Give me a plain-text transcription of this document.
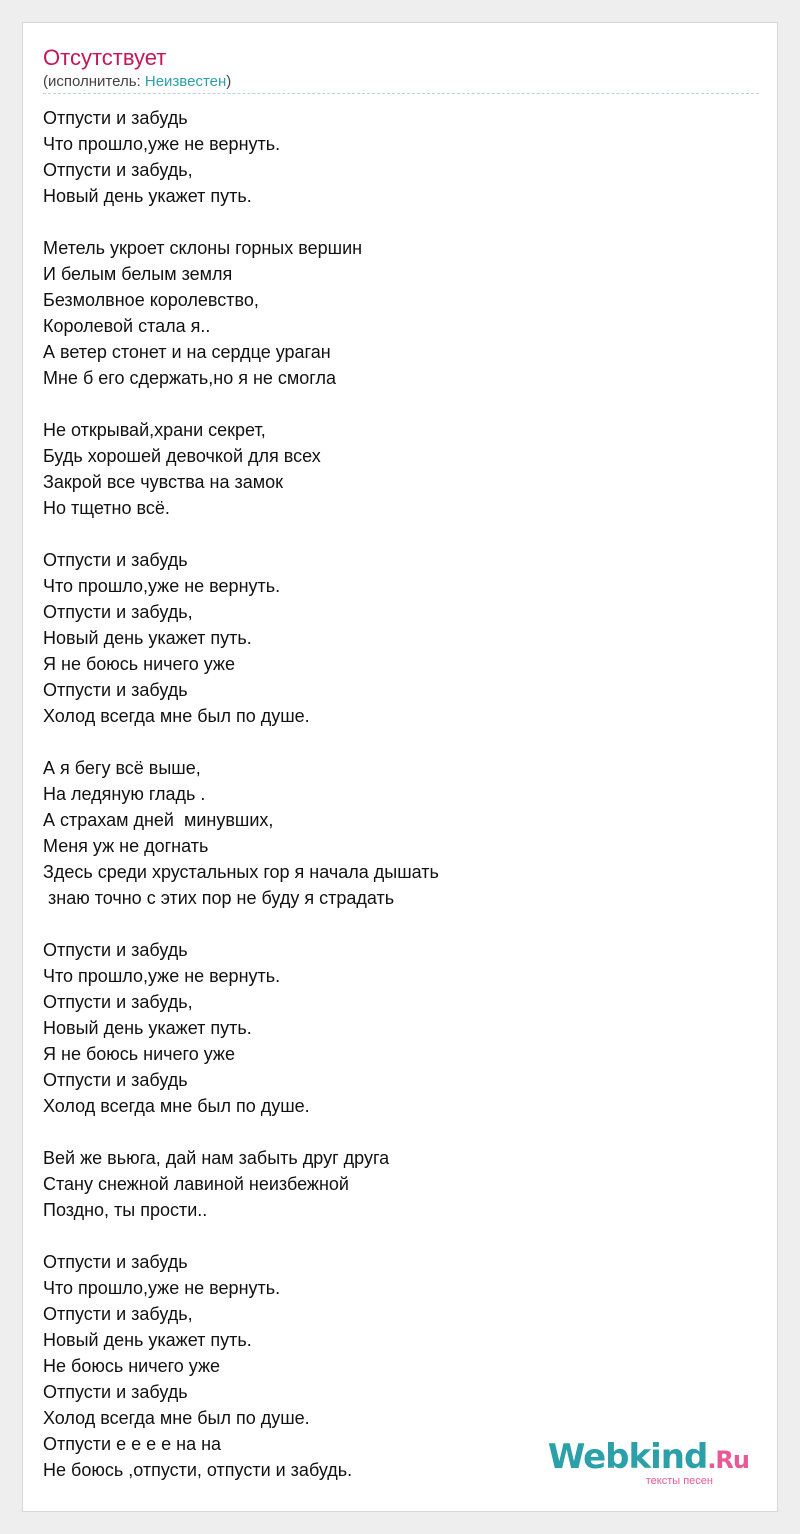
Отсутствует
(исполнитель: Неизвестен)
Отпусти и забудь
Что прошло,уже не вернуть.
Отпусти и забудь,
Новый день укажет путь.
Метель укроет склоны горных вершин
И белым белым земля
Безмолвное королевство,
Королевой стала я..
А ветер стонет и на сердце ураган
Мне б его сдержать,но я не смогла
Не открывай,храни секрет,
Будь хорошей девочкой для всех
Закрой все чувства на замок
Но тщетно всё.
Отпусти и забудь
Что прошло,уже не вернуть.
Отпусти и забудь,
Новый день укажет путь.
Я не боюсь ничего уже
Отпусти и забудь
Холод всегда мне был по душе.
А я бегу всё выше,
На ледяную гладь .
А страхам дней  минувших,
Меня уж не догнать
Здесь среди хрустальных гор я начала дышать
знаю точно с этих пор не буду я страдать
Отпусти и забудь
Что прошло,уже не вернуть.
Отпусти и забудь,
Новый день укажет путь.
Я не боюсь ничего уже
Отпусти и забудь
Холод всегда мне был по душе.
Вей же вьюга, дай нам забыть друг друга
Стану снежной лавиной неизбежной
Поздно, ты прости..
Отпусти и забудь
Что прошло,уже не вернуть.
Отпусти и забудь,
Новый день укажет путь.
Не боюсь ничего уже
Отпусти и забудь
Холод всегда мне был по душе.
Отпусти е е е е на на
Не боюсь ,отпусти, отпусти и забудь.	Webkind.Ru
тексты песен
